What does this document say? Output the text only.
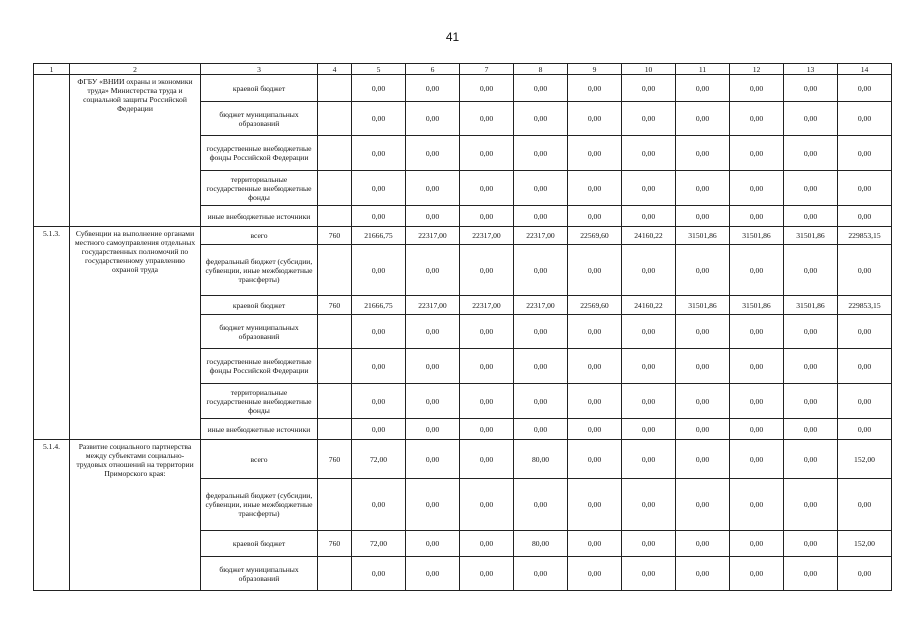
41
1	2	3	4	5	6	7	8	9	10	11	12	13	14
	ФГБУ «ВНИИ охраны и экономики труда» Министерства труда и социальной защиты Российской Федерации	краевой бюджет		0,00	0,00	0,00	0,00	0,00	0,00	0,00	0,00	0,00	0,00
		бюджет муниципальных образований		0,00	0,00	0,00	0,00	0,00	0,00	0,00	0,00	0,00	0,00
		государственные внебюджетные фонды Российской Федерации		0,00	0,00	0,00	0,00	0,00	0,00	0,00	0,00	0,00	0,00
		территориальные государственные внебюджетные фонды		0,00	0,00	0,00	0,00	0,00	0,00	0,00	0,00	0,00	0,00
		иные внебюджетные источники		0,00	0,00	0,00	0,00	0,00	0,00	0,00	0,00	0,00	0,00
5.1.3.	Субвенции на выполнение органами местного самоуправления отдельных государственных полномочий по государственному управлению охраной труда	всего	760	21666,75	22317,00	22317,00	22317,00	22569,60	24160,22	31501,86	31501,86	31501,86	229853,15
		федеральный бюджет (субсидии, субвенции, иные межбюджетные трансферты)		0,00	0,00	0,00	0,00	0,00	0,00	0,00	0,00	0,00	0,00
		краевой бюджет	760	21666,75	22317,00	22317,00	22317,00	22569,60	24160,22	31501,86	31501,86	31501,86	229853,15
		бюджет муниципальных образований		0,00	0,00	0,00	0,00	0,00	0,00	0,00	0,00	0,00	0,00
		государственные внебюджетные фонды Российской Федерации		0,00	0,00	0,00	0,00	0,00	0,00	0,00	0,00	0,00	0,00
		территориальные государственные внебюджетные фонды		0,00	0,00	0,00	0,00	0,00	0,00	0,00	0,00	0,00	0,00
		иные внебюджетные источники		0,00	0,00	0,00	0,00	0,00	0,00	0,00	0,00	0,00	0,00
5.1.4.	Развитие социального партнерства между субъектами социально-трудовых отношений на территории Приморского края:	всего	760	72,00	0,00	0,00	80,00	0,00	0,00	0,00	0,00	0,00	152,00
		федеральный бюджет (субсидии, субвенции, иные межбюджетные трансферты)		0,00	0,00	0,00	0,00	0,00	0,00	0,00	0,00	0,00	0,00
		краевой бюджет	760	72,00	0,00	0,00	80,00	0,00	0,00	0,00	0,00	0,00	152,00
		бюджет муниципальных образований		0,00	0,00	0,00	0,00	0,00	0,00	0,00	0,00	0,00	0,00
